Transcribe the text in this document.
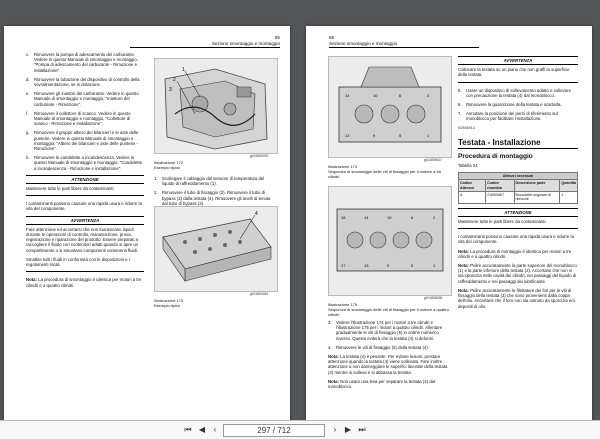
85
Sezione smontaggio e montaggio
c. Rimuovere la pompa di adescamento del carburante. Vedere in questo Manuale di smontaggio e montaggio, "Pompa di adescamento del carburante - Rimozione e installazione".
d. Rimuovere la tubazione del dispositivo di controllo della sovralimentazione, se in dotazione.
e. Rimuovere gli iniettori del carburante. Vedere in questo Manuale di smontaggio e montaggio, "Iniettore del carburante - Rimozione".
f. Rimuovere il collettore di scarico. Vedere in questo Manuale di smontaggio e montaggio, "Collettore di scarico - Rimozione e installazione".
g. Rimuovere il gruppo albero dei bilancieri e le aste delle punterie. Vedere in questo Manuale di smontaggio e montaggio, "Albero dei bilancieri e aste delle punterie - Rimozione".
h. Rimuovere le candelette a incandescenza. Vedere in questo Manuale di smontaggio e montaggio, "Candelette a incandescenza - Rimozione e installazione".
ATTENZIONE
Mantenere tutte le parti libere da contaminanti.
I contaminanti possono causare una rapida usura e ridurre la vita del componente.
AVVERTENZA
Fare attenzione ed accertarsi che non fuoriescano liquidi durante le operazioni di controllo, manutenzione, prova, registrazione e riparazione del prodotto. Essere preparati a raccogliere il fluido con contenitori adatti quando si apre un compartimento o si smontano componenti contenenti fluidi.
Smaltire tutti i fluidi in conformità con le disposizioni e i regolamenti locali.
Nota: La procedura di smontaggio è identica per motori a tre cilindri e a quattro cilindri.
1
2
3
g01659495
Illustrazione 172
Esempio tipico
1. Scollegare il cablaggio dal sensore di temperatura del liquido di raffreddamento (1).
2. Rimuovere il tubo di fissaggio (2). Rimuovere il tubo di bypass (3) dalla testata (4). Rimuovere gli anelli di tenuta dal tubo di bypass (3).
4
g01659484
Illustrazione 173
Esempio tipico
86
Sezione smontaggio e montaggio
14	10	6	2
13	9	5	1
g01659637
Illustrazione 174
Sequenza di smontaggio delle viti di fissaggio per il motore a tre cilindri
18	14	10	6	2
17	13	9	5	1
g01659638
Illustrazione 175
Sequenza di smontaggio delle viti di fissaggio per il motore a quattro cilindri
3. Vedere l'illustrazione 174 per i motori a tre cilindri e l'illustrazione 175 per i motori a quattro cilindri. Allentare gradualmente le viti di fissaggio (5) in ordine numerico inverso. Questo eviterà che la testata (4) si deformi.
4. Rimuovere le viti di fissaggio (5) della testata (4).
Nota: La testata (4) è pesante. Per evitare lesioni, prestare attenzione quando la testata (4) viene sollevata. Fare inoltre attenzione a non danneggiare le superfici lavorate della testata (4) mentre si solleva e si abbassa la testata.
Nota: Non usare una leva per separare la testata (4) dal monoblocco.
AVVERTENZA
Collocare la testata su un piano che non graffi la superficie della testata.
5. Usare un dispositivo di sollevamento adatto e sollevare con precauzione la testata (4) dal monoblocco.
6. Rimuovere la guarnizione della testata e scartarla.
7. Annotare la posizione dei perni di riferimento sul monoblocco per facilitare l'installazione.
i02656914
Testata - Installazione
Procedura di montaggio
Tabella 24
Attrezzi necessari			
Codice Attrezzo	Codice ricambio	Descrizione parte	Quantità
A	2169098/7	Boccolette sngolare di rilevcole	1
ATTENZIONE
Mantenere tutte le parti libere da contaminanti.
I contaminanti possono causare una rapida usura e ridurre la vita del componente.
Nota: La procedura di montaggio è identica per motori a tre cilindri e a quattro cilindri.
Nota: Pulire accuratamente la parte superiore del monoblocco (1) e la parte inferiore della testata (2). Accertarsi che non vi sia sporcizia nelle cavità dei cilindri, nei passaggi del liquido di raffreddamento e nei passaggi dei lubrificante.
Nota: Pulire accuratamente le filettature dei fori per le viti di fissaggio della testata (3) che sono provenienti dalla coppa dell'olio. Accertarsi che il foro non sia ostruito da sporcizia e/o depositi di olio.
⏮ ◀	‹	297 / 712	›	▶ ⏭
